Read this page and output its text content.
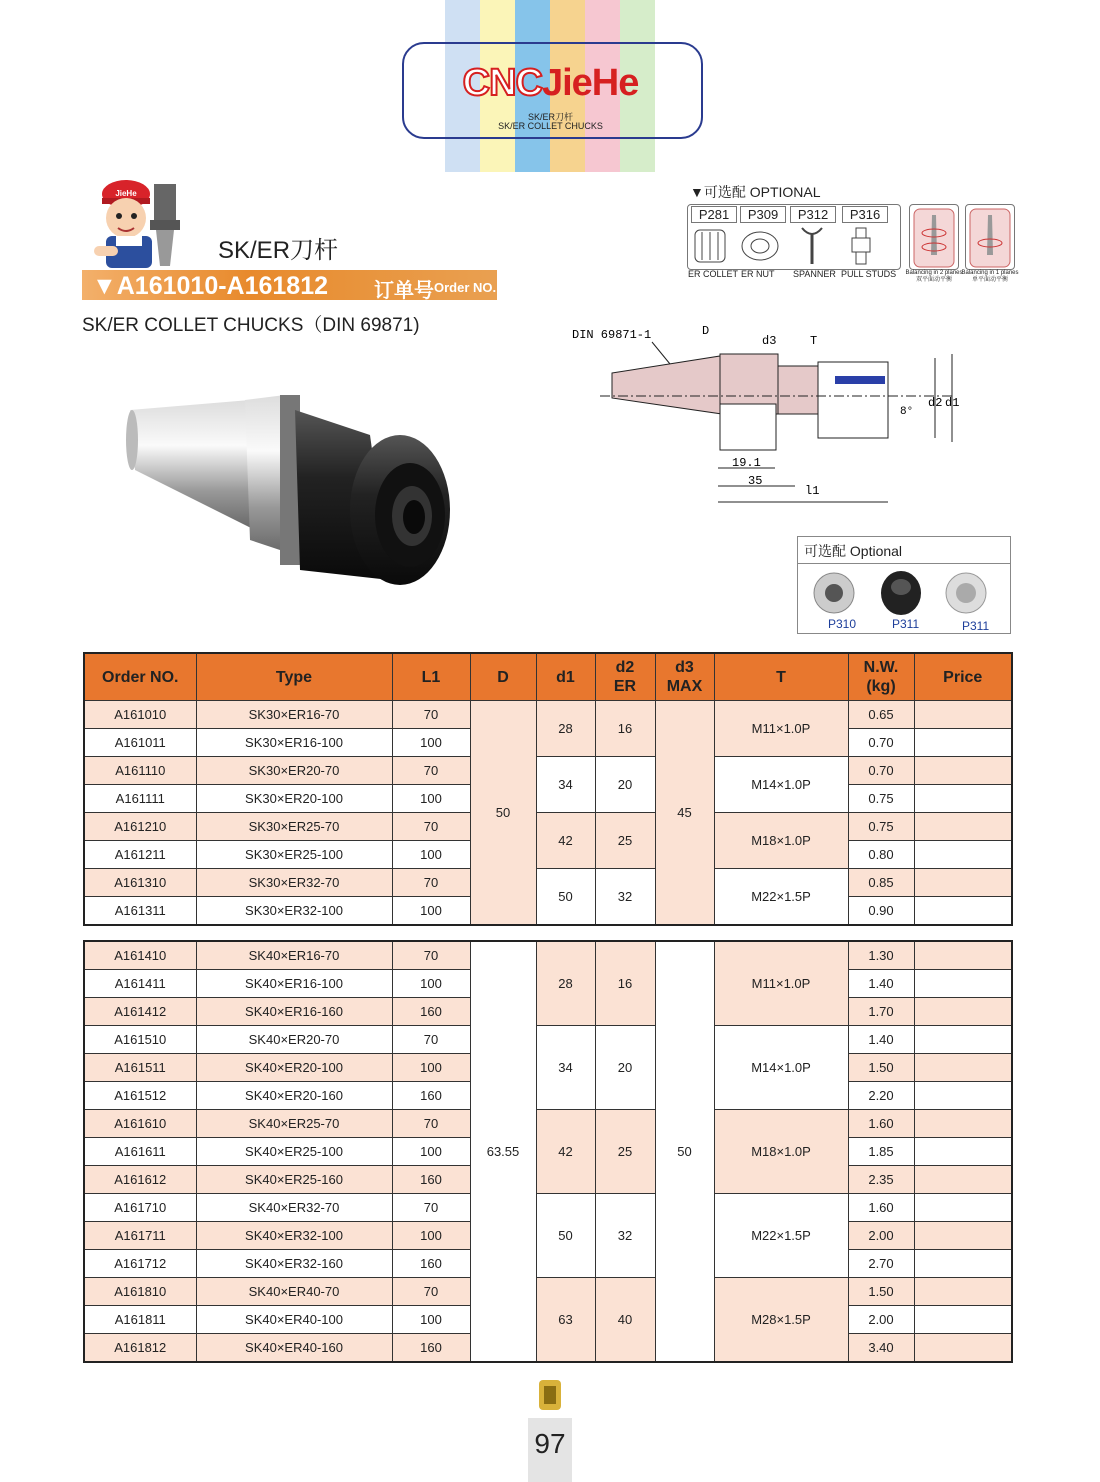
CNCJieHe
SK/ER刀杆
SK/ER COLLET CHUCKS
JieHe
SK/ER刀杆
▼A161010-A161812 订单号 Order NO.
SK/ER COLLET CHUCKS（DIN 69871)
▼可选配 OPTIONAL
P281	P309	P312	P316
ER COLLET ER NUT SPANNER PULL STUDS Balancing in 2 planes
双平面动平衡
Balancing in 1 planes
单平面动平衡
DIN 69871-1	D
d3	T
8°
d2 d1
19.1
35
l1
可选配 Optional
P310	P311	P311
Order NO.	Type	L1	D	d1	d2
ER	d3
MAX	T	N.W.
(kg)	Price
A161010	SK30×ER16-70	70	50	28	16	45	M11×1.0P	0.65	
A161011	SK30×ER16-100	100						0.70	
A161110	SK30×ER20-70	70		34	20		M14×1.0P	0.70	
A161111	SK30×ER20-100	100						0.75	
A161210	SK30×ER25-70	70		42	25		M18×1.0P	0.75	
A161211	SK30×ER25-100	100						0.80	
A161310	SK30×ER32-70	70		50	32		M22×1.5P	0.85	
A161311	SK30×ER32-100	100						0.90	
A161410	SK40×ER16-70	70	63.55	28	16	50	M11×1.0P	1.30	
A161411	SK40×ER16-100	100						1.40	
A161412	SK40×ER16-160	160						1.70	
A161510	SK40×ER20-70	70		34	20		M14×1.0P	1.40	
A161511	SK40×ER20-100	100						1.50	
A161512	SK40×ER20-160	160						2.20	
A161610	SK40×ER25-70	70		42	25		M18×1.0P	1.60	
A161611	SK40×ER25-100	100						1.85	
A161612	SK40×ER25-160	160						2.35	
A161710	SK40×ER32-70	70		50	32		M22×1.5P	1.60	
A161711	SK40×ER32-100	100						2.00	
A161712	SK40×ER32-160	160						2.70	
A161810	SK40×ER40-70	70		63	40		M28×1.5P	1.50	
A161811	SK40×ER40-100	100						2.00	
A161812	SK40×ER40-160	160						3.40	
97
